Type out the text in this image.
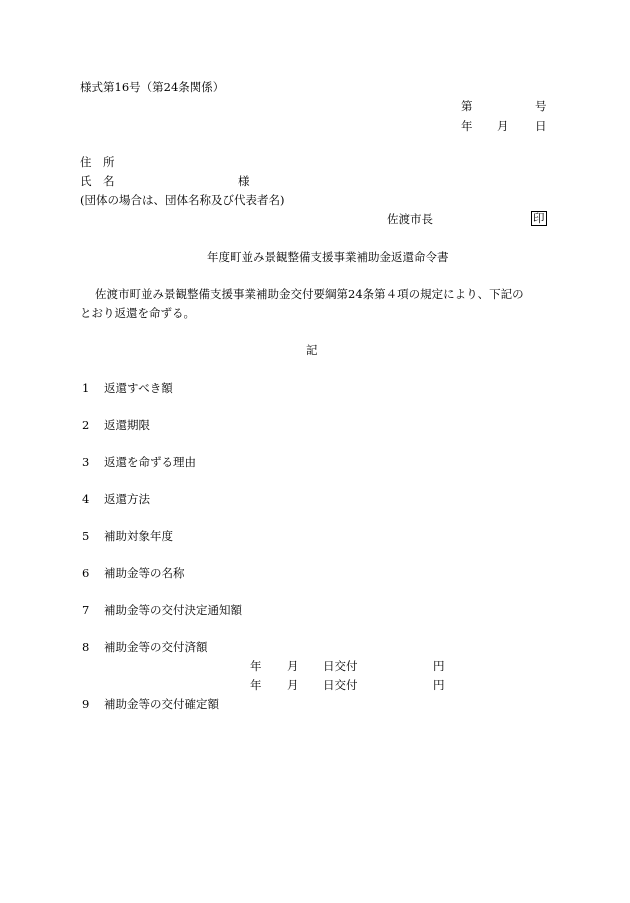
様式第16号（第24条関係）
第	号
年 月 日
住　所
氏　名	様
(団体の場合は、団体名称及び代表者名)
佐渡市長	印
年度町並み景観整備支援事業補助金返還命令書
佐渡市町並み景観整備支援事業補助金交付要綱第24条第４項の規定により、下記の
とおり返還を命ずる。
記
1 返還すべき額
2 返還期限
3 返還を命ずる理由
4 返還方法
5 補助対象年度
6 補助金等の名称
7 補助金等の交付決定通知額
8 補助金等の交付済額
年 月 日交付	円
年 月 日交付	円
9 補助金等の交付確定額
